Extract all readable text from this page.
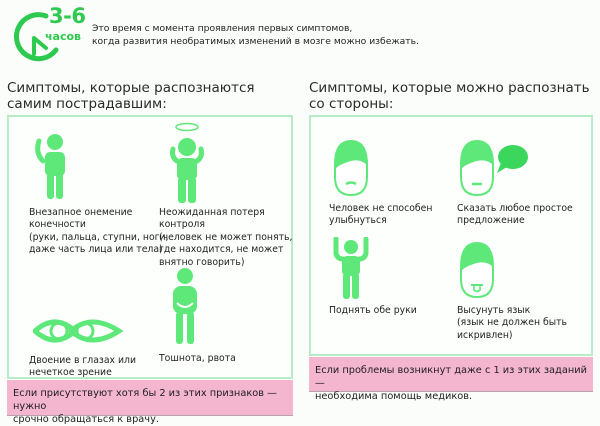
3-6
часов
Это время с момента проявления первых симптомов,
когда развития необратимых изменений в мозге можно избежать.
Симптомы, которые распознаются
самим пострадавшим:
Внезапное онемение
конечности
(руки, пальца, ступни, ноги,
даже часть лица или тела)
Неожиданная потеря
контроля
(человек не может понять,
где находится, не может
внятно говорить)
Двоение в глазах или
нечеткое зрение
Тошнота, рвота
Если присутствуют хотя бы 2 из этих признаков — нужно
срочно обращаться к врачу.
Симптомы, которые можно распознать
со стороны:
Человек не способен
улыбнуться
Сказать любое простое
предложение
Поднять обе руки	Высунуть язык
(язык не должен быть
искривлен)
Если проблемы возникнут даже с 1 из этих заданий —
необходима помощь медиков.
